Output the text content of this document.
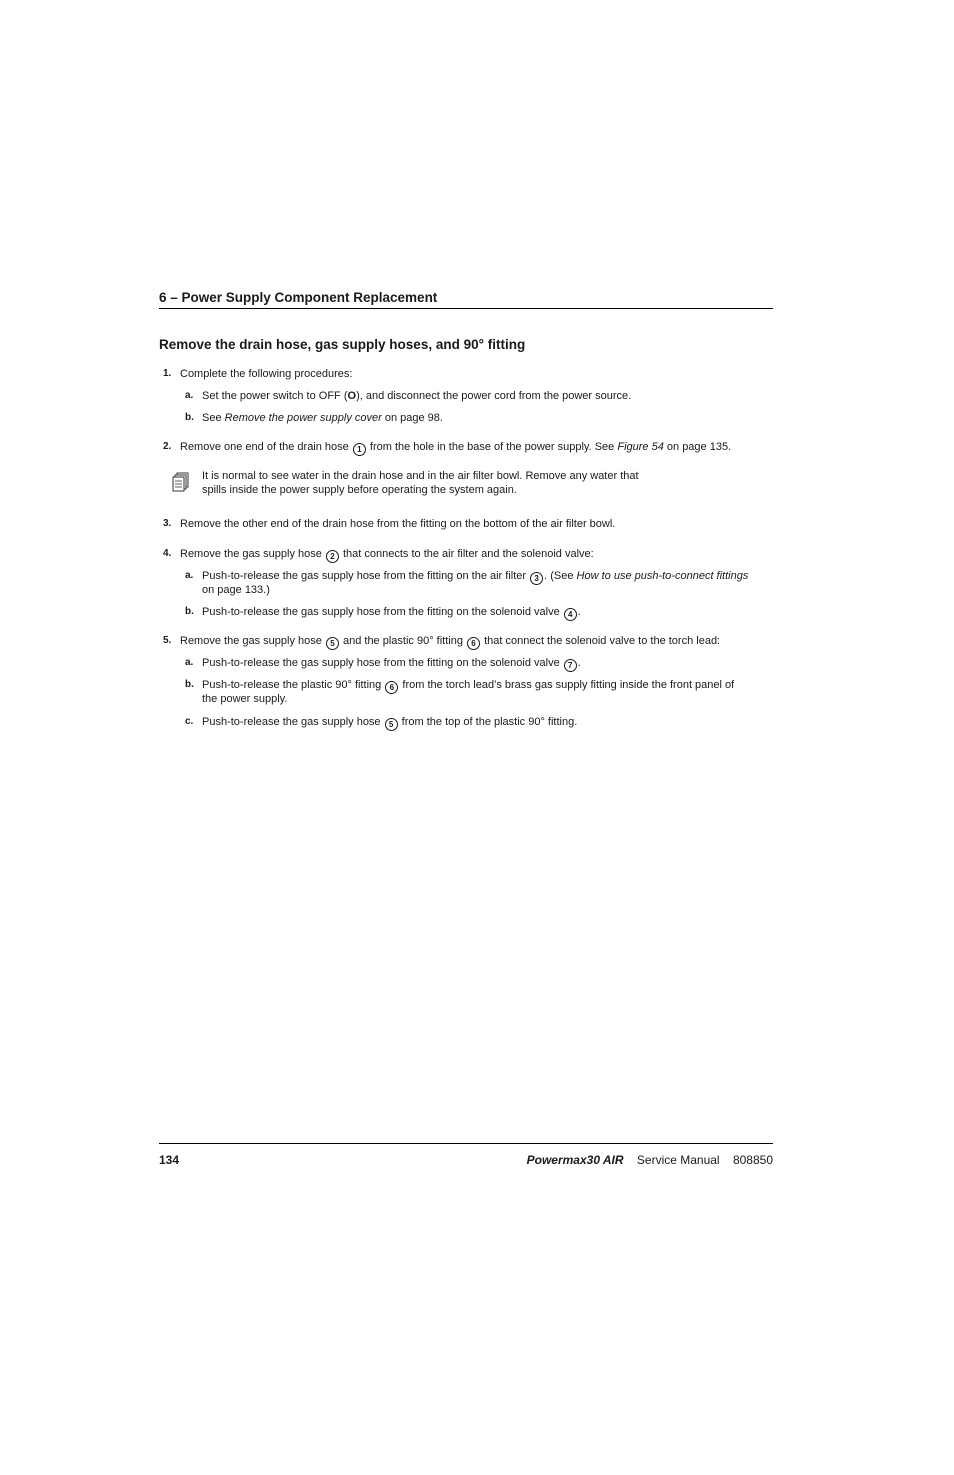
6 – Power Supply Component Replacement
Remove the drain hose, gas supply hoses, and 90° fitting
1. Complete the following procedures:
a. Set the power switch to OFF (O), and disconnect the power cord from the power source.
b. See Remove the power supply cover on page 98.
2. Remove one end of the drain hose 1 from the hole in the base of the power supply. See Figure 54 on page 135.
It is normal to see water in the drain hose and in the air filter bowl. Remove any water that
spills inside the power supply before operating the system again.
3. Remove the other end of the drain hose from the fitting on the bottom of the air filter bowl.
4. Remove the gas supply hose 2 that connects to the air filter and the solenoid valve:
a. Push-to-release the gas supply hose from the fitting on the air filter 3 . (See How to use push-to-connect fittings
on page 133.)
b. Push-to-release the gas supply hose from the fitting on the solenoid valve 4 .
5. Remove the gas supply hose 5 and the plastic 90° fitting 6 that connect the solenoid valve to the torch lead:
a. Push-to-release the gas supply hose from the fitting on the solenoid valve 7 .
b. Push-to-release the plastic 90° fitting 6 from the torch lead’s brass gas supply fitting inside the front panel of
the power supply.
c. Push-to-release the gas supply hose 5 from the top of the plastic 90° fitting.
134	Powermax30 AIR Service Manual 808850
